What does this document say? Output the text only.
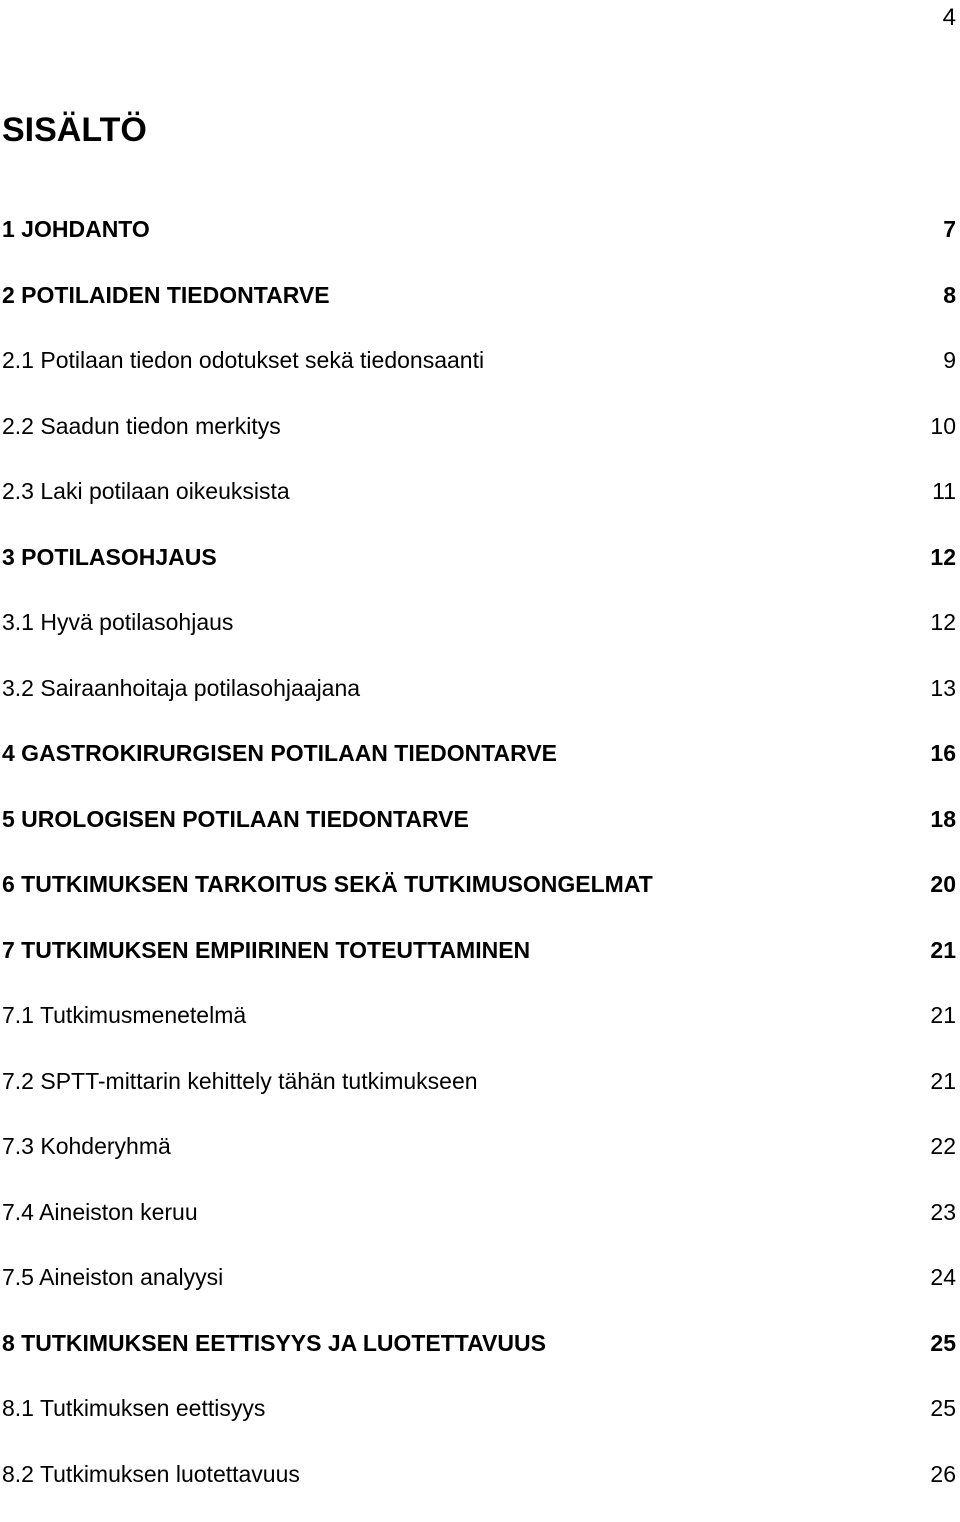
4
SISÄLTÖ
1 JOHDANTO	7
2 POTILAIDEN TIEDONTARVE	8
2.1 Potilaan tiedon odotukset sekä tiedonsaanti	9
2.2 Saadun tiedon merkitys	10
2.3 Laki potilaan oikeuksista	11
3 POTILASOHJAUS	12
3.1 Hyvä potilasohjaus	12
3.2 Sairaanhoitaja potilasohjaajana	13
4 GASTROKIRURGISEN POTILAAN TIEDONTARVE	16
5 UROLOGISEN POTILAAN TIEDONTARVE	18
6 TUTKIMUKSEN TARKOITUS SEKÄ TUTKIMUSONGELMAT	20
7 TUTKIMUKSEN EMPIIRINEN TOTEUTTAMINEN	21
7.1 Tutkimusmenetelmä	21
7.2 SPTT-mittarin kehittely tähän tutkimukseen	21
7.3 Kohderyhmä	22
7.4 Aineiston keruu	23
7.5 Aineiston analyysi	24
8 TUTKIMUKSEN EETTISYYS JA LUOTETTAVUUS	25
8.1 Tutkimuksen eettisyys	25
8.2 Tutkimuksen luotettavuus	26
